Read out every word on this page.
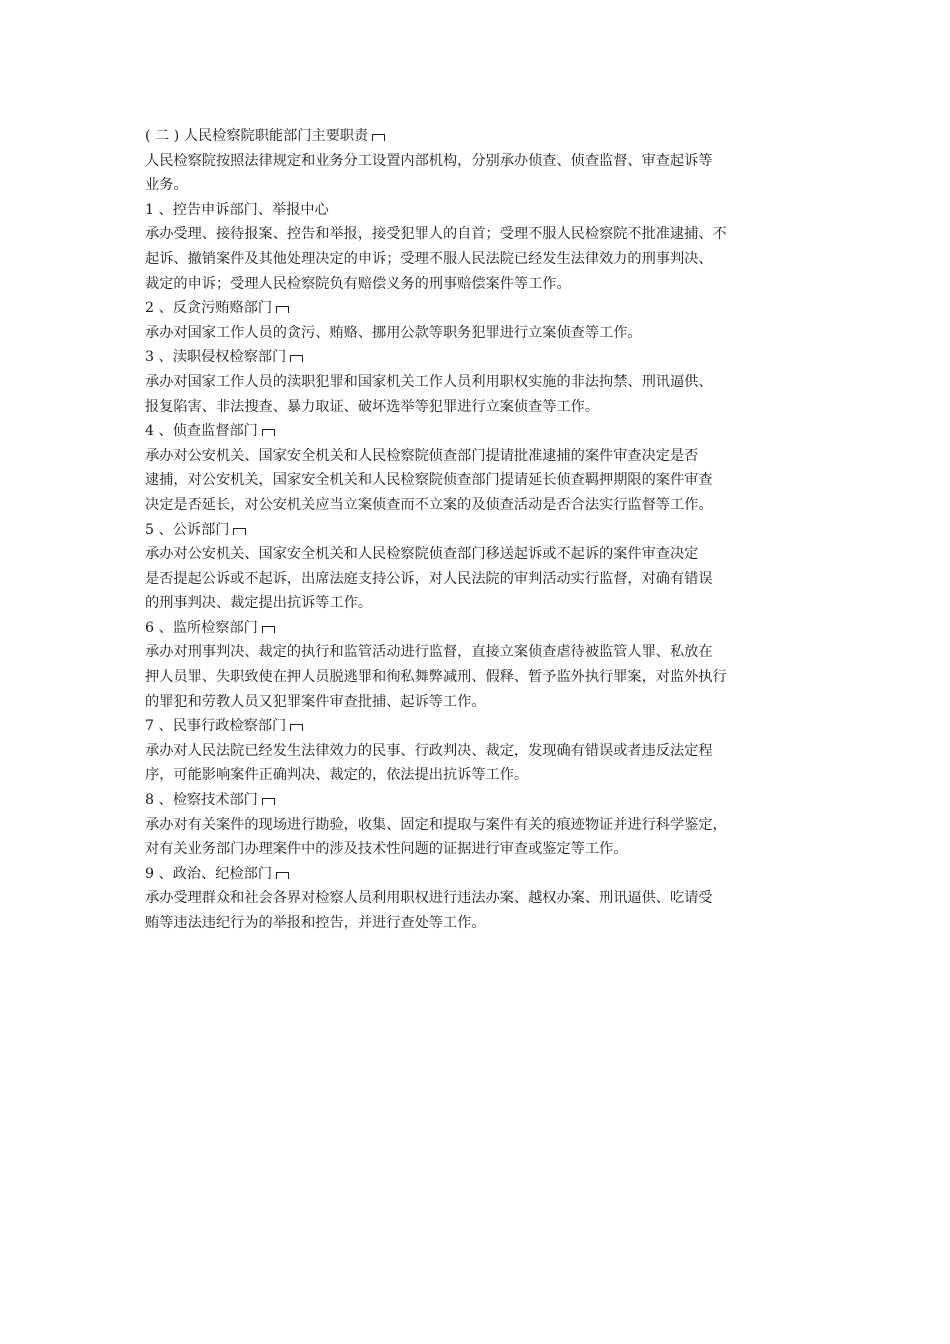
( 二 ) 人民检察院职能部门主要职责

人民检察院按照法律规定和业务分工设置内部机构，分别承办侦查、侦查监督、审查起诉等

业务。

1 、控告申诉部门、举报中心

承办受理、接待报案、控告和举报，接受犯罪人的自首；受理不服人民检察院不批准逮捕、不

起诉、撤销案件及其他处理决定的申诉；受理不服人民法院已经发生法律效力的刑事判决、

裁定的申诉；受理人民检察院负有赔偿义务的刑事赔偿案件等工作。

2 、反贪污贿赂部门

承办对国家工作人员的贪污、贿赂、挪用公款等职务犯罪进行立案侦查等工作。

3 、渎职侵权检察部门

承办对国家工作人员的渎职犯罪和国家机关工作人员利用职权实施的非法拘禁、刑讯逼供、

报复陷害、非法搜查、暴力取证、破坏选举等犯罪进行立案侦查等工作。

4 、侦查监督部门

承办对公安机关、国家安全机关和人民检察院侦查部门提请批准逮捕的案件审查决定是否

逮捕，对公安机关，国家安全机关和人民检察院侦查部门提请延长侦查羁押期限的案件审查

决定是否延长，对公安机关应当立案侦查而不立案的及侦查活动是否合法实行监督等工作。

5 、公诉部门

承办对公安机关、国家安全机关和人民检察院侦查部门移送起诉或不起诉的案件审查决定

是否提起公诉或不起诉，出席法庭支持公诉，对人民法院的审判活动实行监督，对确有错误

的刑事判决、裁定提出抗诉等工作。

6 、监所检察部门

承办对刑事判决、裁定的执行和监管活动进行监督，直接立案侦查虐待被监管人罪、私放在

押人员罪、失职致使在押人员脱逃罪和徇私舞弊减刑、假释、暂予监外执行罪案，对监外执行

的罪犯和劳教人员又犯罪案件审查批捕、起诉等工作。

7 、民事行政检察部门

承办对人民法院已经发生法律效力的民事、行政判决、裁定，发现确有错误或者违反法定程

序，可能影响案件正确判决、裁定的，依法提出抗诉等工作。

8 、检察技术部门

承办对有关案件的现场进行勘验，收集、固定和提取与案件有关的痕迹物证并进行科学鉴定，

对有关业务部门办理案件中的涉及技术性问题的证据进行审查或鉴定等工作。

9 、政治、纪检部门

承办受理群众和社会各界对检察人员利用职权进行违法办案、越权办案、刑讯逼供、吃请受

贿等违法违纪行为的举报和控告，并进行查处等工作。
